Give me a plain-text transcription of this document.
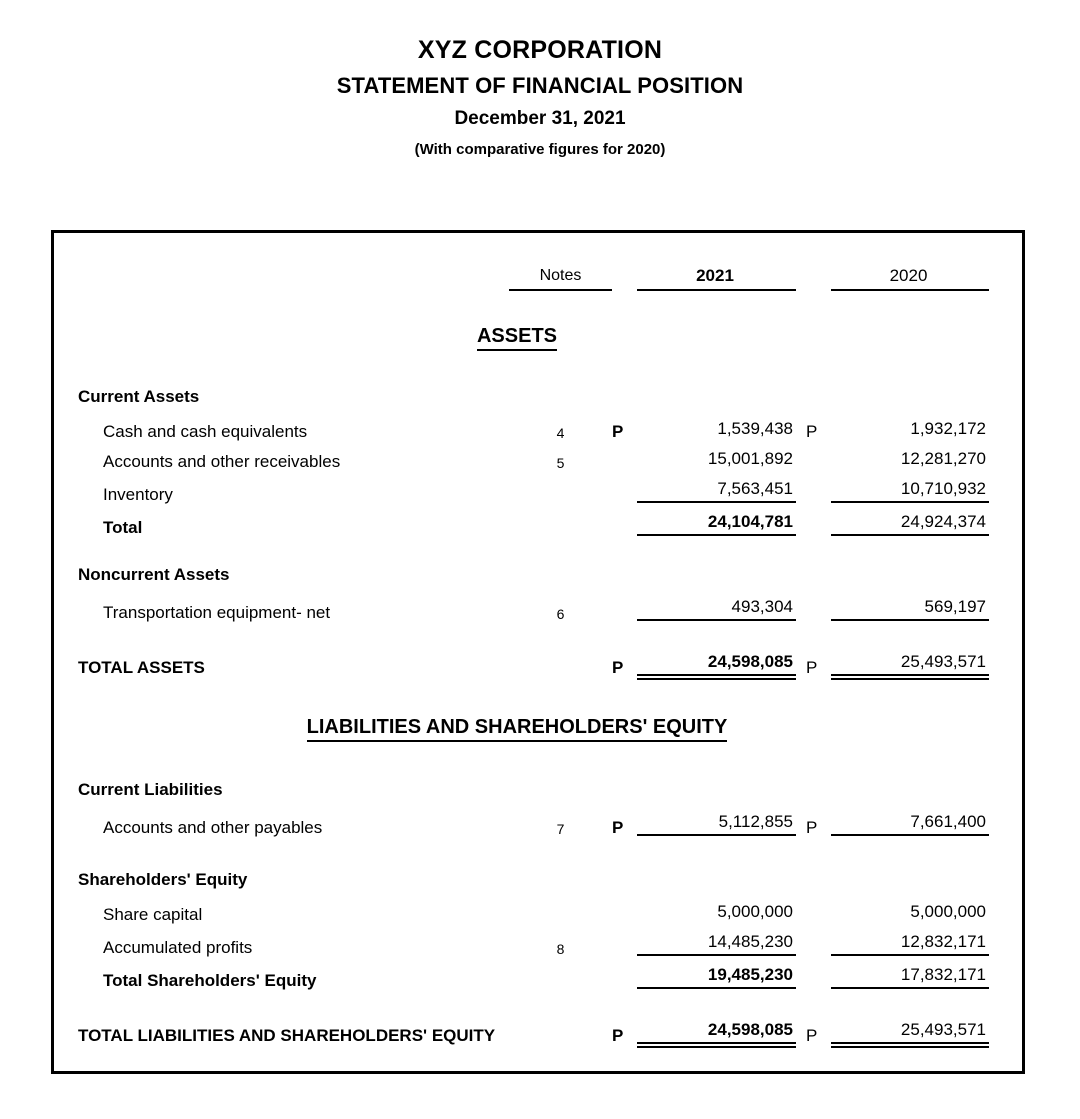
XYZ CORPORATION
STATEMENT OF FINANCIAL POSITION
December 31, 2021
(With comparative figures for 2020)
Notes	2021	2020
ASSETS
Current Assets
Cash and cash equivalents	4	P	1,539,438 P	1,932,172
Accounts and other receivables	5	15,001,892	12,281,270
Inventory	7,563,451	10,710,932
Total	24,104,781	24,924,374
Noncurrent Assets
Transportation equipment- net	6	493,304	569,197
TOTAL ASSETS	P	24,598,085 P	25,493,571
LIABILITIES AND SHAREHOLDERS' EQUITY
Current Liabilities
Accounts and other payables	7	P	5,112,855 P	7,661,400
Shareholders' Equity
Share capital	5,000,000	5,000,000
Accumulated profits	8	14,485,230	12,832,171
Total Shareholders' Equity	19,485,230	17,832,171
TOTAL LIABILITIES AND SHAREHOLDERS' EQUITY	P	24,598,085 P	25,493,571
